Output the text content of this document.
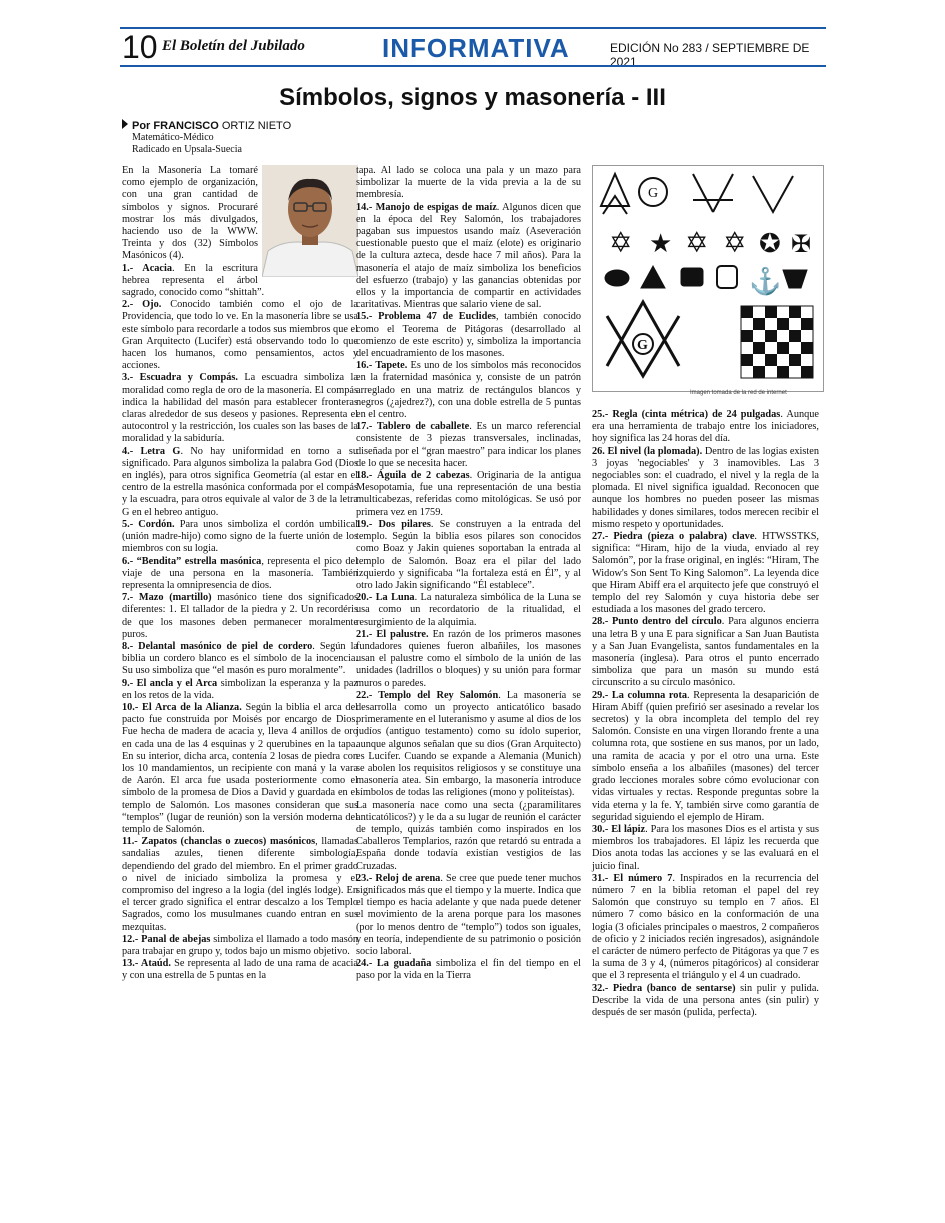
10 El Boletín del Jubilado	INFORMATIVA	EDICIÓN No 283 / SEPTIEMBRE DE 2021
Símbolos, signos y masonería - III
Por FRANCISCO ORTIZ NIETO
Matemático-Médico
Radicado en Upsala-Suecia

En la Masonería La tomaré como ejemplo de organización, con una gran cantidad de símbolos y signos. Procuraré mostrar los más divulgados, haciendo uso de la WWW. Treinta y dos (32) Símbolos Masónicos (4).

1.- Acacia. En la escritura hebrea representa el árbol sagrado, conocido como “shittah”.

2.- Ojo. Conocido también como el ojo de la Providencia, que todo lo ve. En la masonería libre se usa este símbolo para recordarle a todos sus miembros que el Gran Arquitecto (Lucifer) está observando todo lo que hacen los humanos, como pensamientos, actos y acciones.

3.- Escuadra y Compás. La escuadra simboliza la moralidad como regla de oro de la masonería. El compás indica la habilidad del masón para establecer fronteras claras alrededor de sus deseos y pasiones. Representa el autocontrol y la restricción, los cuales son las bases de la moralidad y la sabiduría.

4.- Letra G. No hay uniformidad en torno a su significado. Para algunos simboliza la palabra God (Dios en inglés), para otros significa Geometría (al estar en el centro de la estrella masónica conformada por el compás y la escuadra, para otros equivale al valor de 3 de la letra G en el hebreo antiguo.

5.- Cordón. Para unos simboliza el cordón umbilical (unión madre-hijo) como signo de la fuerte unión de los miembros con su logia.

6.- “Bendita” estrella masónica, representa el pico del viaje de una persona en la masonería. También representa la omnipresencia de dios.

7.- Mazo (martillo) masónico tiene dos significados diferentes: 1. El tallador de la piedra y 2. Un recordéris de que los masones deben permanecer moralmente puros.

8.- Delantal masónico de piel de cordero. Según la biblia un cordero blanco es el símbolo de la inocencia. Su uso simboliza que “el masón es puro moralmente”.

9.- El ancla y el Arca simbolizan la esperanza y la paz en los retos de la vida.

10.- El Arca de la Alianza. Según la biblia el arca del pacto fue construida por Moisés por encargo de Dios. Fue hecha de madera de acacia y, lleva 4 anillos de oro en cada una de las 4 esquinas y 2 querubines en la tapa. En su interior, dicha arca, contenía 2 losas de piedra con los 10 mandamientos, un recipiente con maná y la vara de Aarón. El arca fue usada posteriormente como el símbolo de la promesa de Dios a David y guardada en el templo de Salomón. Los masones consideran que sus “templos” (lugar de reunión) son la versión moderna del templo de Salomón.

11.- Zapatos (chanclas o zuecos) masónicos, llamadas sandalias azules, tienen diferente simbología, dependiendo del grado del miembro. En el primer grado o nivel de iniciado simboliza la promesa y el compromiso del ingreso a la logia (del inglés lodge). En el tercer grado significa el entrar descalzo a los Templo Sagrados, como los musulmanes cuando entran en sus mezquitas.

12.- Panal de abejas simboliza el llamado a todo masón para trabajar en grupo y, todos bajo un mismo objetivo.

13.- Ataúd. Se representa al lado de una rama de acacia y con una estrella de 5 puntas en la

tapa. Al lado se coloca una pala y un mazo para simbolizar la muerte de la vida previa a la de su membresía.

14.- Manojo de espigas de maíz. Algunos dicen que en la época del Rey Salomón, los trabajadores pagaban sus impuestos usando maíz (Aseveración cuestionable puesto que el maíz (elote) es originario de la cultura azteca, desde hace 7 mil años). Para la masonería el atajo de maíz simboliza los beneficios del esfuerzo (trabajo) y las ganancias obtenidas por ellos y la importancia de compartir en actividades caritativas. Mientras que salario viene de sal.

15.- Problema 47 de Euclides, también conocido como el Teorema de Pitágoras (desarrollado al comienzo de este escrito) y, simboliza la importancia del encuadramiento de los masones.

16.- Tapete. Es uno de los símbolos más reconocidos en la fraternidad masónica y, consiste de un patrón arreglado en una matriz de rectángulos blancos y negros (¿ajedrez?), con una doble estrella de 5 puntas en el centro.

17.- Tablero de caballete. Es un marco referencial consistente de 3 piezas transversales, inclinadas, diseñada por el “gran maestro” para indicar los planes de lo que se necesita hacer.

18.- Águila de 2 cabezas. Originaria de la antigua Mesopotamia, fue una representación de una bestia multicabezas, referidas como mitológicas. Se usó por primera vez en 1759.

19.- Dos pilares. Se construyen a la entrada del templo. Según la biblia esos pilares son conocidos como Boaz y Jakin quienes soportaban la entrada al templo de Salomón. Boaz era el pilar del lado izquierdo y significaba “la fortaleza está en Él”, y al otro lado Jakin significando “Él establece”.

20.- La Luna. La naturaleza simbólica de la Luna se usa como un recordatorio de la ritualidad, el resurgimiento de la alquimia.

21.- El palustre. En razón de los primeros masones fundadores quienes fueron albañiles, los masones usan el palustre como el símbolo de la unión de las unidades (ladrillos o bloques) y su unión para formar muros o paredes.

22.- Templo del Rey Salomón. La masonería se desarrolla como un proyecto anticatólico basado primeramente en el luteranismo y asume al dios de los judíos (antiguo testamento) como su ídolo superior, aunque algunos señalan que su dios (Gran Arquitecto) es Lucifer. Cuando se expande a Alemania (Munich) se abolen los requisitos religiosos y se constituye una masonería atea. Sin embargo, la masonería introduce símbolos de todas las religiones (mono y politeístas).

La masonería nace como una secta (¿paramilitares anticatólicos?) y le da a su lugar de reunión el carácter de templo, quizás también como inspirados en los Caballeros Templarios, razón que retardó su entrada a España donde todavía existían vestigios de las Cruzadas.

23.- Reloj de arena. Se cree que puede tener muchos significados más que el tiempo y la muerte. Indica que el tiempo es hacia adelante y que nada puede detener el movimiento de la arena porque para los masones (por lo menos dentro de “templo”) todos son iguales, y en teoría, independiente de su patrimonio o posición socio laboral.

24.- La guadaña simboliza el fin del tiempo en el paso por la vida en la Tierra

G
✡ ★ ✡ ✡ ✪ ✠
⚓
G
Imagen tomada de la red de internet

25.- Regla (cinta métrica) de 24 pulgadas. Aunque era una herramienta de trabajo entre los iniciadores, hoy significa las 24 horas del día.

26. El nivel (la plomada). Dentro de las logias existen 3 joyas 'negociables' y 3 inamovibles. Las 3 negociables son: el cuadrado, el nivel y la regla de la plomada. El nivel significa igualdad. Reconocen que aunque los hombres no pueden poseer las mismas habilidades y dones similares, todos merecen recibir el mismo respeto y oportunidades.

27.- Piedra (pieza o palabra) clave. HTWSSTKS, significa: “Hiram, hijo de la viuda, enviado al rey Salomón”, por la frase original, en inglés: “Hiram, The Widow's Son Sent To King Salomon”. La leyenda dice que Hiram Abiff era el arquitecto jefe que construyó el templo del rey Salomón y cuya historia debe ser estudiada a los masones del grado tercero.

28.- Punto dentro del círculo. Para algunos encierra una letra B y una E para significar a San Juan Bautista y a San Juan Evangelista, santos fundamentales en la masonería (inglesa). Para otros el punto encerrado simboliza que para un masón su mundo está circunscrito a su círculo masónico.

29.- La columna rota. Representa la desaparición de Hiram Abiff (quien prefirió ser asesinado a revelar los secretos) y la obra incompleta del templo del rey Salomón. Consiste en una virgen llorando frente a una columna rota, que sostiene en sus manos, por un lado, una ramita de acacia y por el otro una urna. Este símbolo enseña a los albañiles (masones) del tercer grado lecciones morales sobre cómo evolucionar con vidas virtuales y rectas. Responde preguntas sobre la vida eterna y la fe. Y, también sirve como garantía de seguridad siguiendo el ejemplo de Hiram.

30.- El lápiz. Para los masones Dios es el artista y sus miembros los trabajadores. El lápiz les recuerda que Dios anota todas las acciones y se las evaluará en el juicio final.

31.- El número 7. Inspirados en la recurrencia del número 7 en la biblia retoman el papel del rey Salomón que construyo su templo en 7 años. El número 7 como básico en la conformación de una logia (3 oficiales principales o maestros, 2 compañeros de oficio y 2 iniciados recién ingresados), asignándole el carácter de número perfecto de Pitágoras ya que 7 es la suma de 3 y 4, (números pitagóricos) al considerar que el 3 representa el triángulo y el 4 un cuadrado.

32.- Piedra (banco de sentarse) sin pulir y pulida. Describe la vida de una persona antes (sin pulir) y después de ser masón (pulida, perfecta).
